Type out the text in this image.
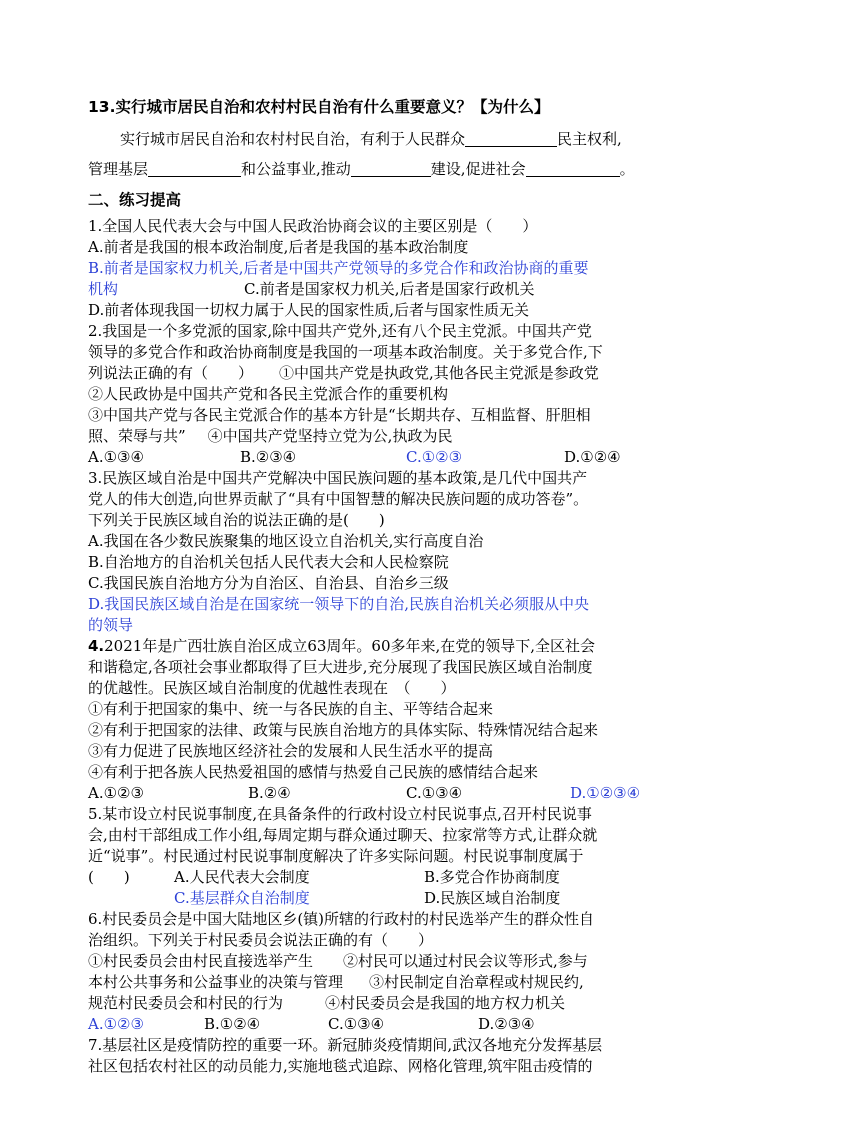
13.实行城市居民自治和农村村民自治有什么重要意义？【为什么】
实行城市居民自治和农村村民自治，有利于人民群众	民主权利,
管理基层	和公益事业,推动	建设,促进社会	。
二、练习提高
1.全国人民代表大会与中国人民政治协商会议的主要区别是（　　）
A.前者是我国的根本政治制度,后者是我国的基本政治制度
B.前者是国家权力机关,后者是中国共产党领导的多党合作和政治协商的重要
机构	C.前者是国家权力机关,后者是国家行政机关
D.前者体现我国一切权力属于人民的国家性质,后者与国家性质无关
2.我国是一个多党派的国家,除中国共产党外,还有八个民主党派。中国共产党
领导的多党合作和政治协商制度是我国的一项基本政治制度。关于多党合作,下
列说法正确的有（　　） ①中国共产党是执政党,其他各民主党派是参政党
②人民政协是中国共产党和各民主党派合作的重要机构
③中国共产党与各民主党派合作的基本方针是“长期共存、互相监督、肝胆相
照、荣辱与共” ④中国共产党坚持立党为公,执政为民
A.①③④	B.②③④	C.①②③	D.①②④
3.民族区域自治是中国共产党解决中国民族问题的基本政策,是几代中国共产
党人的伟大创造,向世界贡献了“具有中国智慧的解决民族问题的成功答卷”。
下列关于民族区域自治的说法正确的是(　　)
A.我国在各少数民族聚集的地区设立自治机关,实行高度自治
B.自治地方的自治机关包括人民代表大会和人民检察院
C.我国民族自治地方分为自治区、自治县、自治乡三级
D.我国民族区域自治是在国家统一领导下的自治,民族自治机关必须服从中央
的领导
4.2021年是广西壮族自治区成立63周年。60多年来,在党的领导下,全区社会
和谐稳定,各项社会事业都取得了巨大进步,充分展现了我国民族区域自治制度
的优越性。民族区域自治制度的优越性表现在　（　　）
①有利于把国家的集中、统一与各民族的自主、平等结合起来
②有利于把国家的法律、政策与民族自治地方的具体实际、特殊情况结合起来
③有力促进了民族地区经济社会的发展和人民生活水平的提高
④有利于把各族人民热爱祖国的感情与热爱自己民族的感情结合起来
A.①②③	B.②④	C.①③④	D.①②③④
5.某市设立村民说事制度,在具备条件的行政村设立村民说事点,召开村民说事
会,由村干部组成工作小组,每周定期与群众通过聊天、拉家常等方式,让群众就
近“说事”。村民通过村民说事制度解决了许多实际问题。村民说事制度属于
(　　)	A.人民代表大会制度	B.多党合作协商制度
C.基层群众自治制度	D.民族区域自治制度
6.村民委员会是中国大陆地区乡(镇)所辖的行政村的村民选举产生的群众性自
治组织。下列关于村民委员会说法正确的有（　　）
①村民委员会由村民直接选举产生 ②村民可以通过村民会议等形式,参与
本村公共事务和公益事业的决策与管理 ③村民制定自治章程或村规民约,
规范村民委员会和村民的行为	④村民委员会是我国的地方权力机关
A.①②③	B.①②④	C.①③④	D.②③④
7.基层社区是疫情防控的重要一环。新冠肺炎疫情期间,武汉各地充分发挥基层
社区包括农村社区的动员能力,实施地毯式追踪、网格化管理,筑牢阻击疫情的
